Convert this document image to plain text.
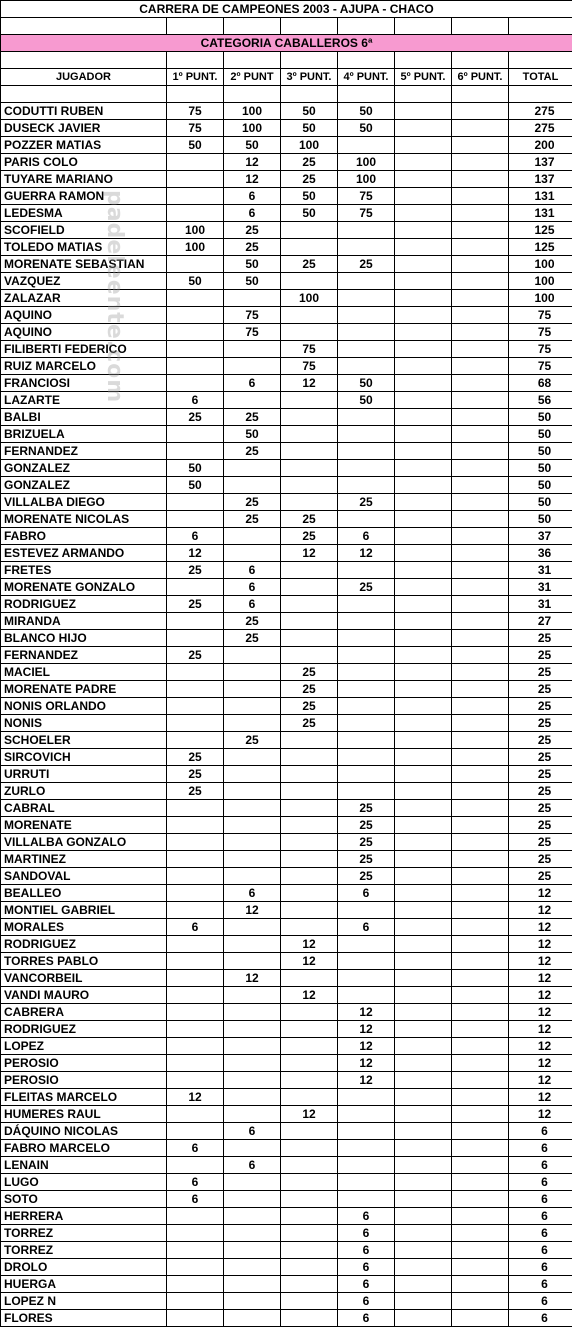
CARRERA DE CAMPEONES 2003 - AJUPA - CHACO							

CATEGORIA CABALLEROS 6ª							

JUGADOR	1º PUNT.	2º PUNT	3º PUNT.	4º PUNT.	5º PUNT.	6º PUNT.	TOTAL

CODUTTI RUBEN	75	100	50	50			275
DUSECK JAVIER	75	100	50	50			275
POZZER MATIAS	50	50	100				200
PARIS COLO		12	25	100			137
TUYARE MARIANO		12	25	100			137
GUERRA RAMON		6	50	75			131
LEDESMA		6	50	75			131
SCOFIELD	100	25					125
TOLEDO MATIAS	100	25					125
MORENATE SEBASTIAN		50	25	25			100
VAZQUEZ	50	50					100
ZALAZAR			100				100
AQUINO		75					75
AQUINO		75					75
FILIBERTI FEDERICO			75				75
RUIZ MARCELO			75				75
FRANCIOSI		6	12	50			68
LAZARTE	6			50			56
BALBI	25	25					50
BRIZUELA		50					50
FERNANDEZ		25					50
GONZALEZ	50						50
GONZALEZ	50						50
VILLALBA DIEGO		25		25			50
MORENATE NICOLAS		25	25				50
FABRO	6		25	6			37
ESTEVEZ ARMANDO	12		12	12			36
FRETES	25	6					31
MORENATE GONZALO		6		25			31
RODRIGUEZ	25	6					31
MIRANDA		25					27
BLANCO HIJO		25					25
FERNANDEZ	25						25
MACIEL			25				25
MORENATE PADRE			25				25
NONIS ORLANDO			25				25
NONIS			25				25
SCHOELER		25					25
SIRCOVICH	25						25
URRUTI	25						25
ZURLO	25						25
CABRAL				25			25
MORENATE				25			25
VILLALBA GONZALO				25			25
MARTINEZ				25			25
SANDOVAL				25			25
BEALLEO		6		6			12
MONTIEL GABRIEL		12					12
MORALES	6			6			12
RODRIGUEZ			12				12
TORRES PABLO			12				12
VANCORBEIL		12					12
VANDI MAURO			12				12
CABRERA				12			12
RODRIGUEZ				12			12
LOPEZ				12			12
PEROSIO				12			12
PEROSIO				12			12
FLEITAS MARCELO	12						12
HUMERES RAUL			12				12
DÁQUINO NICOLAS		6					6
FABRO MARCELO	6						6
LENAIN		6					6
LUGO	6						6
SOTO	6						6
HERRERA				6			6
TORREZ				6			6
TORREZ				6			6
DROLO				6			6
HUERGA				6			6
LOPEZ N				6			6
FLORES				6			6
padeleente.com
